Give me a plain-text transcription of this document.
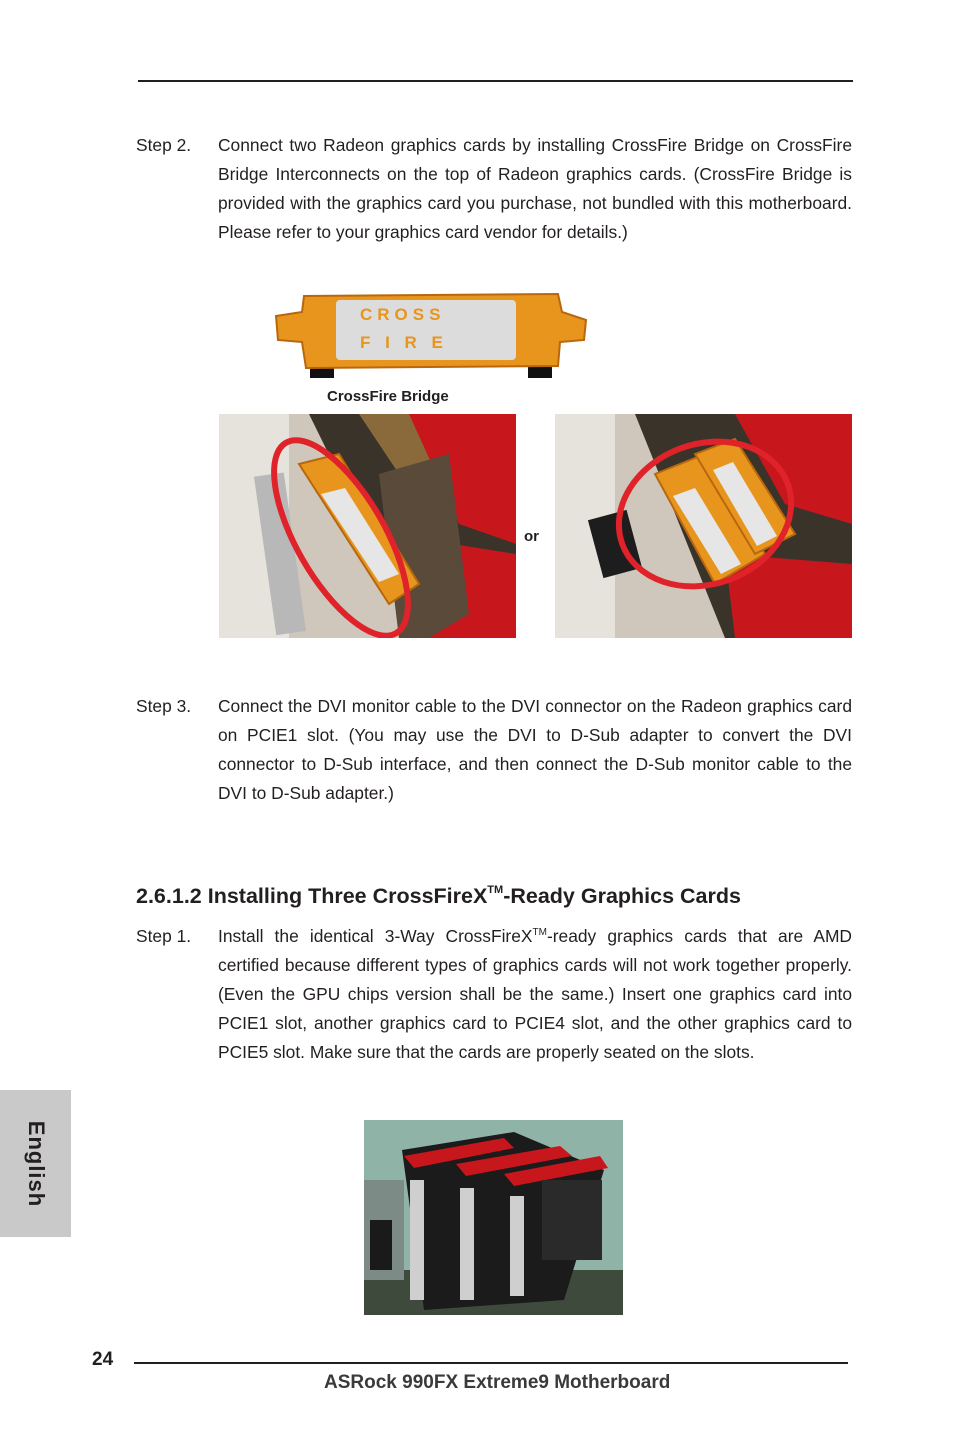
Step 2. Connect two Radeon graphics cards by installing CrossFire Bridge on CrossFire Bridge Interconnects on the top of Radeon graphics cards. (CrossFire Bridge is provided with the graphics card you purchase, not bundled with this motherboard. Please refer to your graphics card vendor for details.)
CROSS
F I R E
CrossFire Bridge
or
Step 3. Connect the DVI monitor cable to the DVI connector on the Radeon graphics card on PCIE1 slot. (You may use the DVI to D-Sub adapter to convert the DVI connector to D-Sub interface, and then connect the D-Sub monitor cable to the DVI to D-Sub adapter.)
2.6.1.2 Installing Three CrossFireX™-Ready Graphics Cards
Step 1. Install the identical 3-Way CrossFireX™-ready graphics cards that are AMD certified because different types of graphics cards will not work together properly. (Even the GPU chips version shall be the same.) Insert one graphics card into PCIE1 slot, another graphics card to PCIE4 slot, and the other graphics card to PCIE5 slot. Make sure that the cards are properly seated on the slots.
English
24
ASRock 990FX Extreme9 Motherboard
